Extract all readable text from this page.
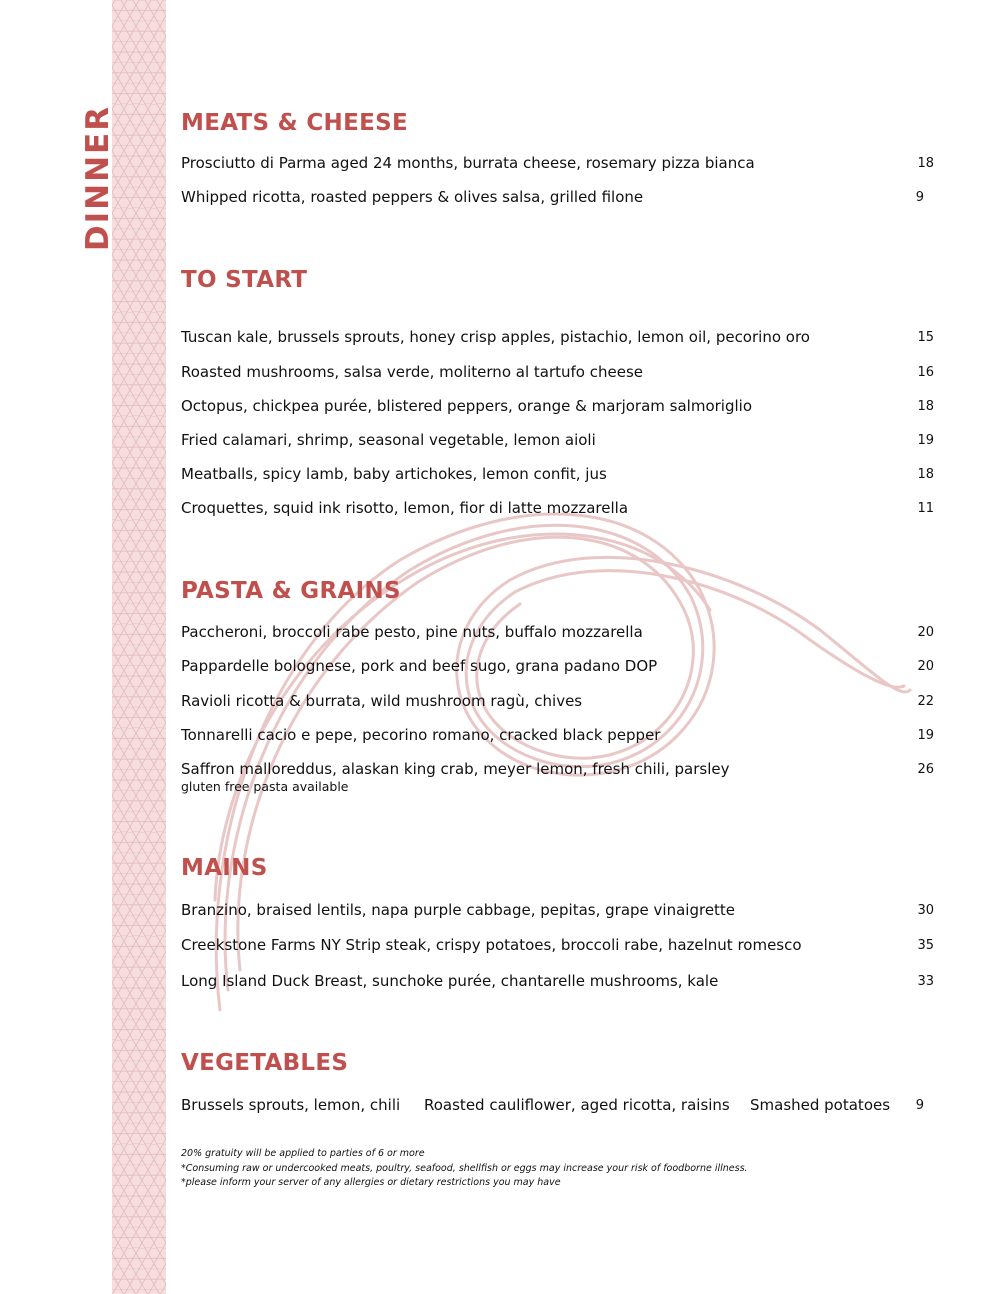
DINNER	MEATS & CHEESE
Prosciutto di Parma aged 24 months, burrata cheese, rosemary pizza bianca	18
Whipped ricotta, roasted peppers & olives salsa, grilled filone	9
TO START
Tuscan kale, brussels sprouts, honey crisp apples, pistachio, lemon oil, pecorino oro	15
Roasted mushrooms, salsa verde, moliterno al tartufo cheese	16
Octopus, chickpea purée, blistered peppers, orange & marjoram salmoriglio	18
Fried calamari, shrimp, seasonal vegetable, lemon aioli	19
Meatballs, spicy lamb, baby artichokes, lemon confit, jus	18
Croquettes, squid ink risotto, lemon, fior di latte mozzarella	11
PASTA & GRAINS
Paccheroni, broccoli rabe pesto, pine nuts, buffalo mozzarella	20
Pappardelle bolognese, pork and beef sugo, grana padano DOP	20
Ravioli ricotta & burrata, wild mushroom ragù, chives	22
Tonnarelli cacio e pepe, pecorino romano, cracked black pepper	19
Saffron malloreddus, alaskan king crab, meyer lemon, fresh chili, parsley	26
gluten free pasta available
MAINS
Branzino, braised lentils, napa purple cabbage, pepitas, grape vinaigrette	30
Creekstone Farms NY Strip steak, crispy potatoes, broccoli rabe, hazelnut romesco	35
Long Island Duck Breast, sunchoke purée, chantarelle mushrooms, kale	33
VEGETABLES
Brussels sprouts, lemon, chili Roasted cauliflower, aged ricotta, raisins Smashed potatoes 9
20% gratuity will be applied to parties of 6 or more
*Consuming raw or undercooked meats, poultry, seafood, shellfish or eggs may increase your risk of foodborne illness.
*please inform your server of any allergies or dietary restrictions you may have
